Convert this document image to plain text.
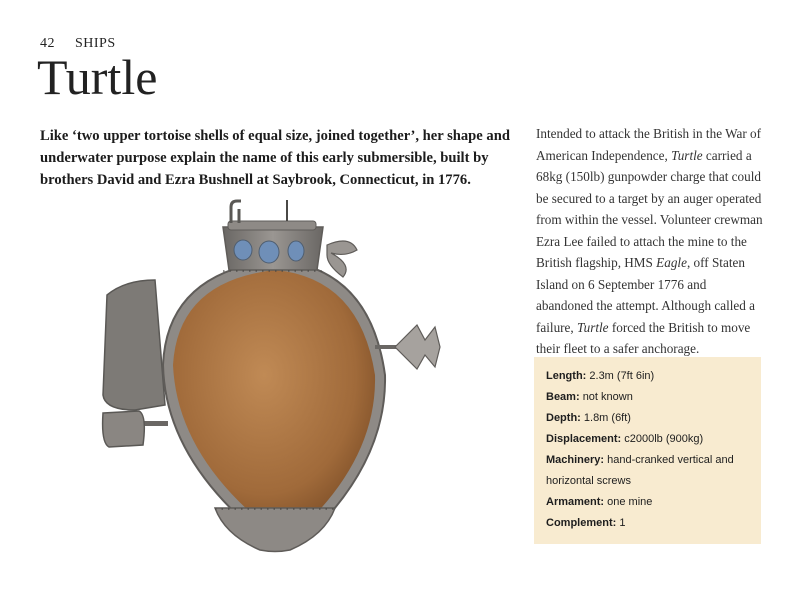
42 SHIPS
Turtle

Like ‘two upper tortoise shells of equal size, joined together’, her shape and underwater purpose explain the name of this early submersible, built by brothers David and Ezra Bushnell at Saybrook, Connecticut, in 1776.

Intended to attack the British in the War of American Independence, Turtle carried a 68kg (150lb) gunpowder charge that could be secured to a target by an auger operated from within the vessel. Volunteer crewman Ezra Lee failed to attach the mine to the British flagship, HMS Eagle, off Staten Island on 6 September 1776 and abandoned the attempt. Although called a failure, Turtle forced the British to move their fleet to a safer anchorage.

Length: 2.3m (7ft 6in)
Beam: not known
Depth: 1.8m (6ft)
Displacement: c2000lb (900kg)
Machinery: hand-cranked vertical and horizontal screws
Armament: one mine
Complement: 1
